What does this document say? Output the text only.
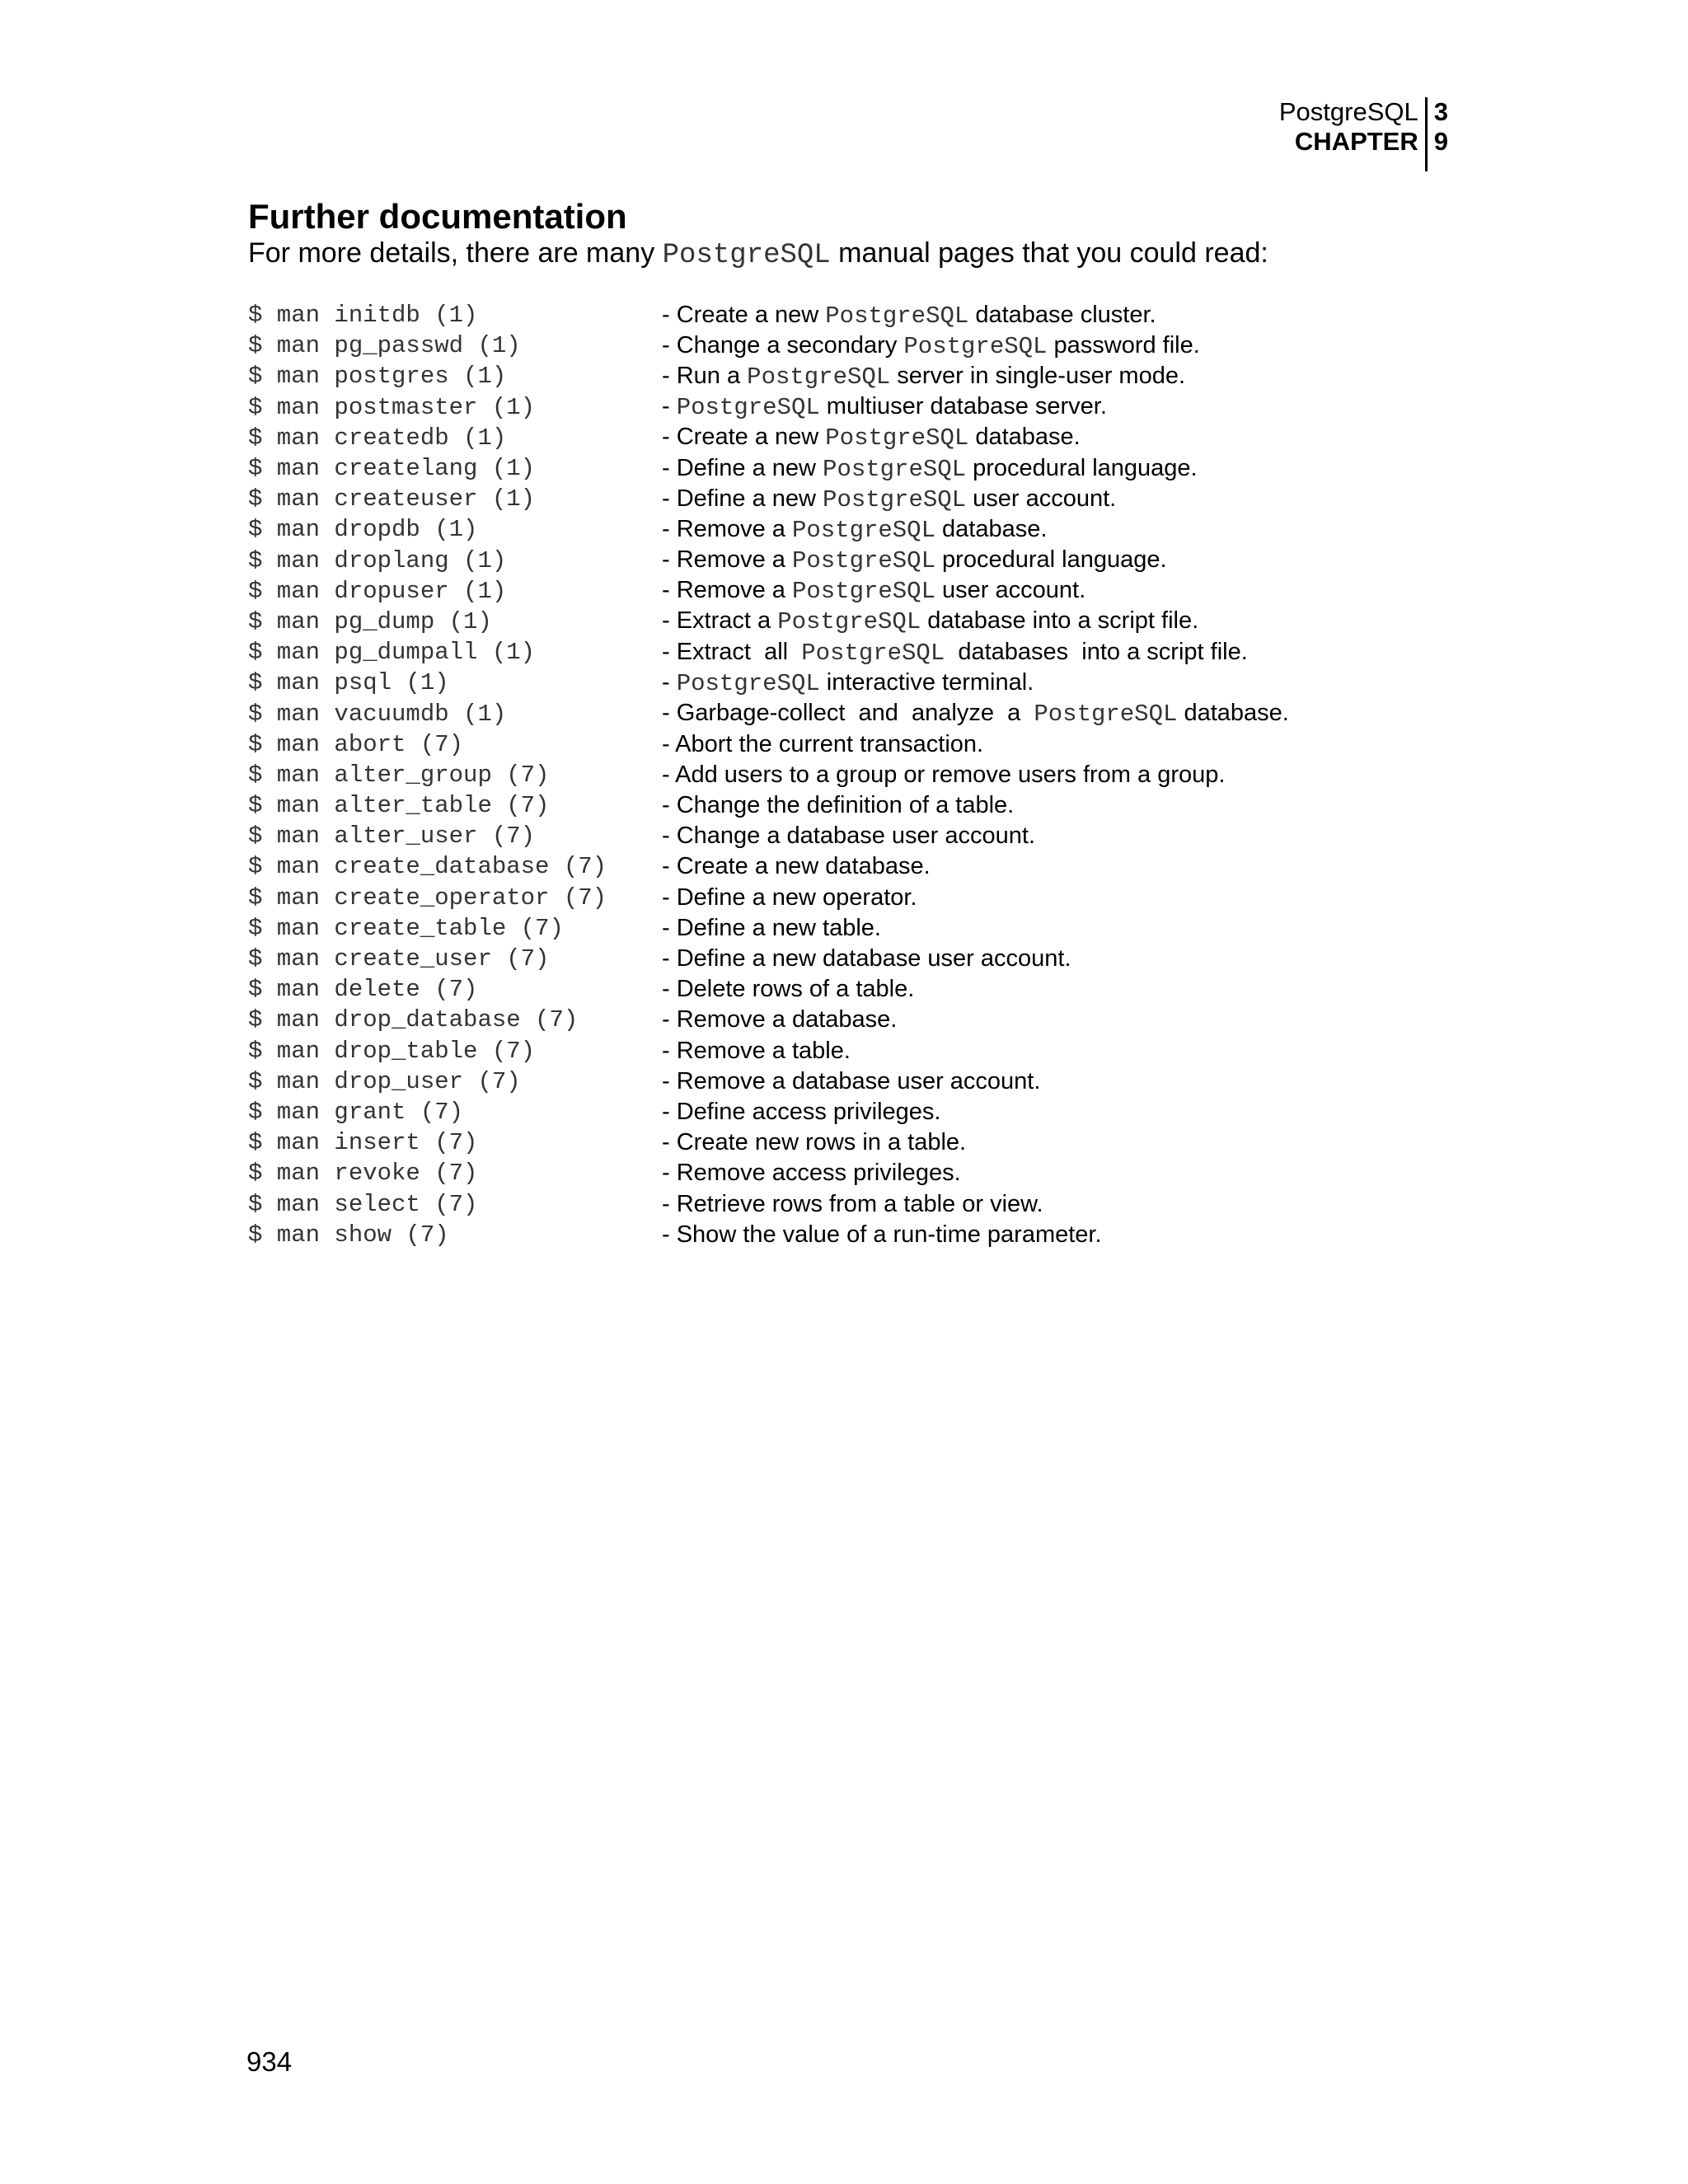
PostgreSQL
CHAPTER
3
9
Further documentation

For more details, there are many PostgreSQL manual pages that you could read:

$ man initdb (1)	- Create a new PostgreSQL database cluster.
$ man pg_passwd (1)	- Change a secondary PostgreSQL password file.
$ man postgres (1)	- Run a PostgreSQL server in single-user mode.
$ man postmaster (1)	- PostgreSQL multiuser database server.
$ man createdb (1)	- Create a new PostgreSQL database.
$ man createlang (1)	- Define a new PostgreSQL procedural language.
$ man createuser (1)	- Define a new PostgreSQL user account.
$ man dropdb (1)	- Remove a PostgreSQL database.
$ man droplang (1)	- Remove a PostgreSQL procedural language.
$ man dropuser (1)	- Remove a PostgreSQL user account.
$ man pg_dump (1)	- Extract a PostgreSQL database into a script file.
$ man pg_dumpall (1)	- Extract  all  PostgreSQL  databases  into a script file.
$ man psql (1)	- PostgreSQL interactive terminal.
$ man vacuumdb (1)	- Garbage-collect  and  analyze  a  PostgreSQL database.
$ man abort (7)	- Abort the current transaction.
$ man alter_group (7)	- Add users to a group or remove users from a group.
$ man alter_table (7)	- Change the definition of a table.
$ man alter_user (7)	- Change a database user account.
$ man create_database (7)	- Create a new database.
$ man create_operator (7)	- Define a new operator.
$ man create_table (7)	- Define a new table.
$ man create_user (7)	- Define a new database user account.
$ man delete (7)	- Delete rows of a table.
$ man drop_database (7)	- Remove a database.
$ man drop_table (7)	- Remove a table.
$ man drop_user (7)	- Remove a database user account.
$ man grant (7)	- Define access privileges.
$ man insert (7)	- Create new rows in a table.
$ man revoke (7)	- Remove access privileges.
$ man select (7)	- Retrieve rows from a table or view.
$ man show (7)	- Show the value of a run-time parameter.
934
